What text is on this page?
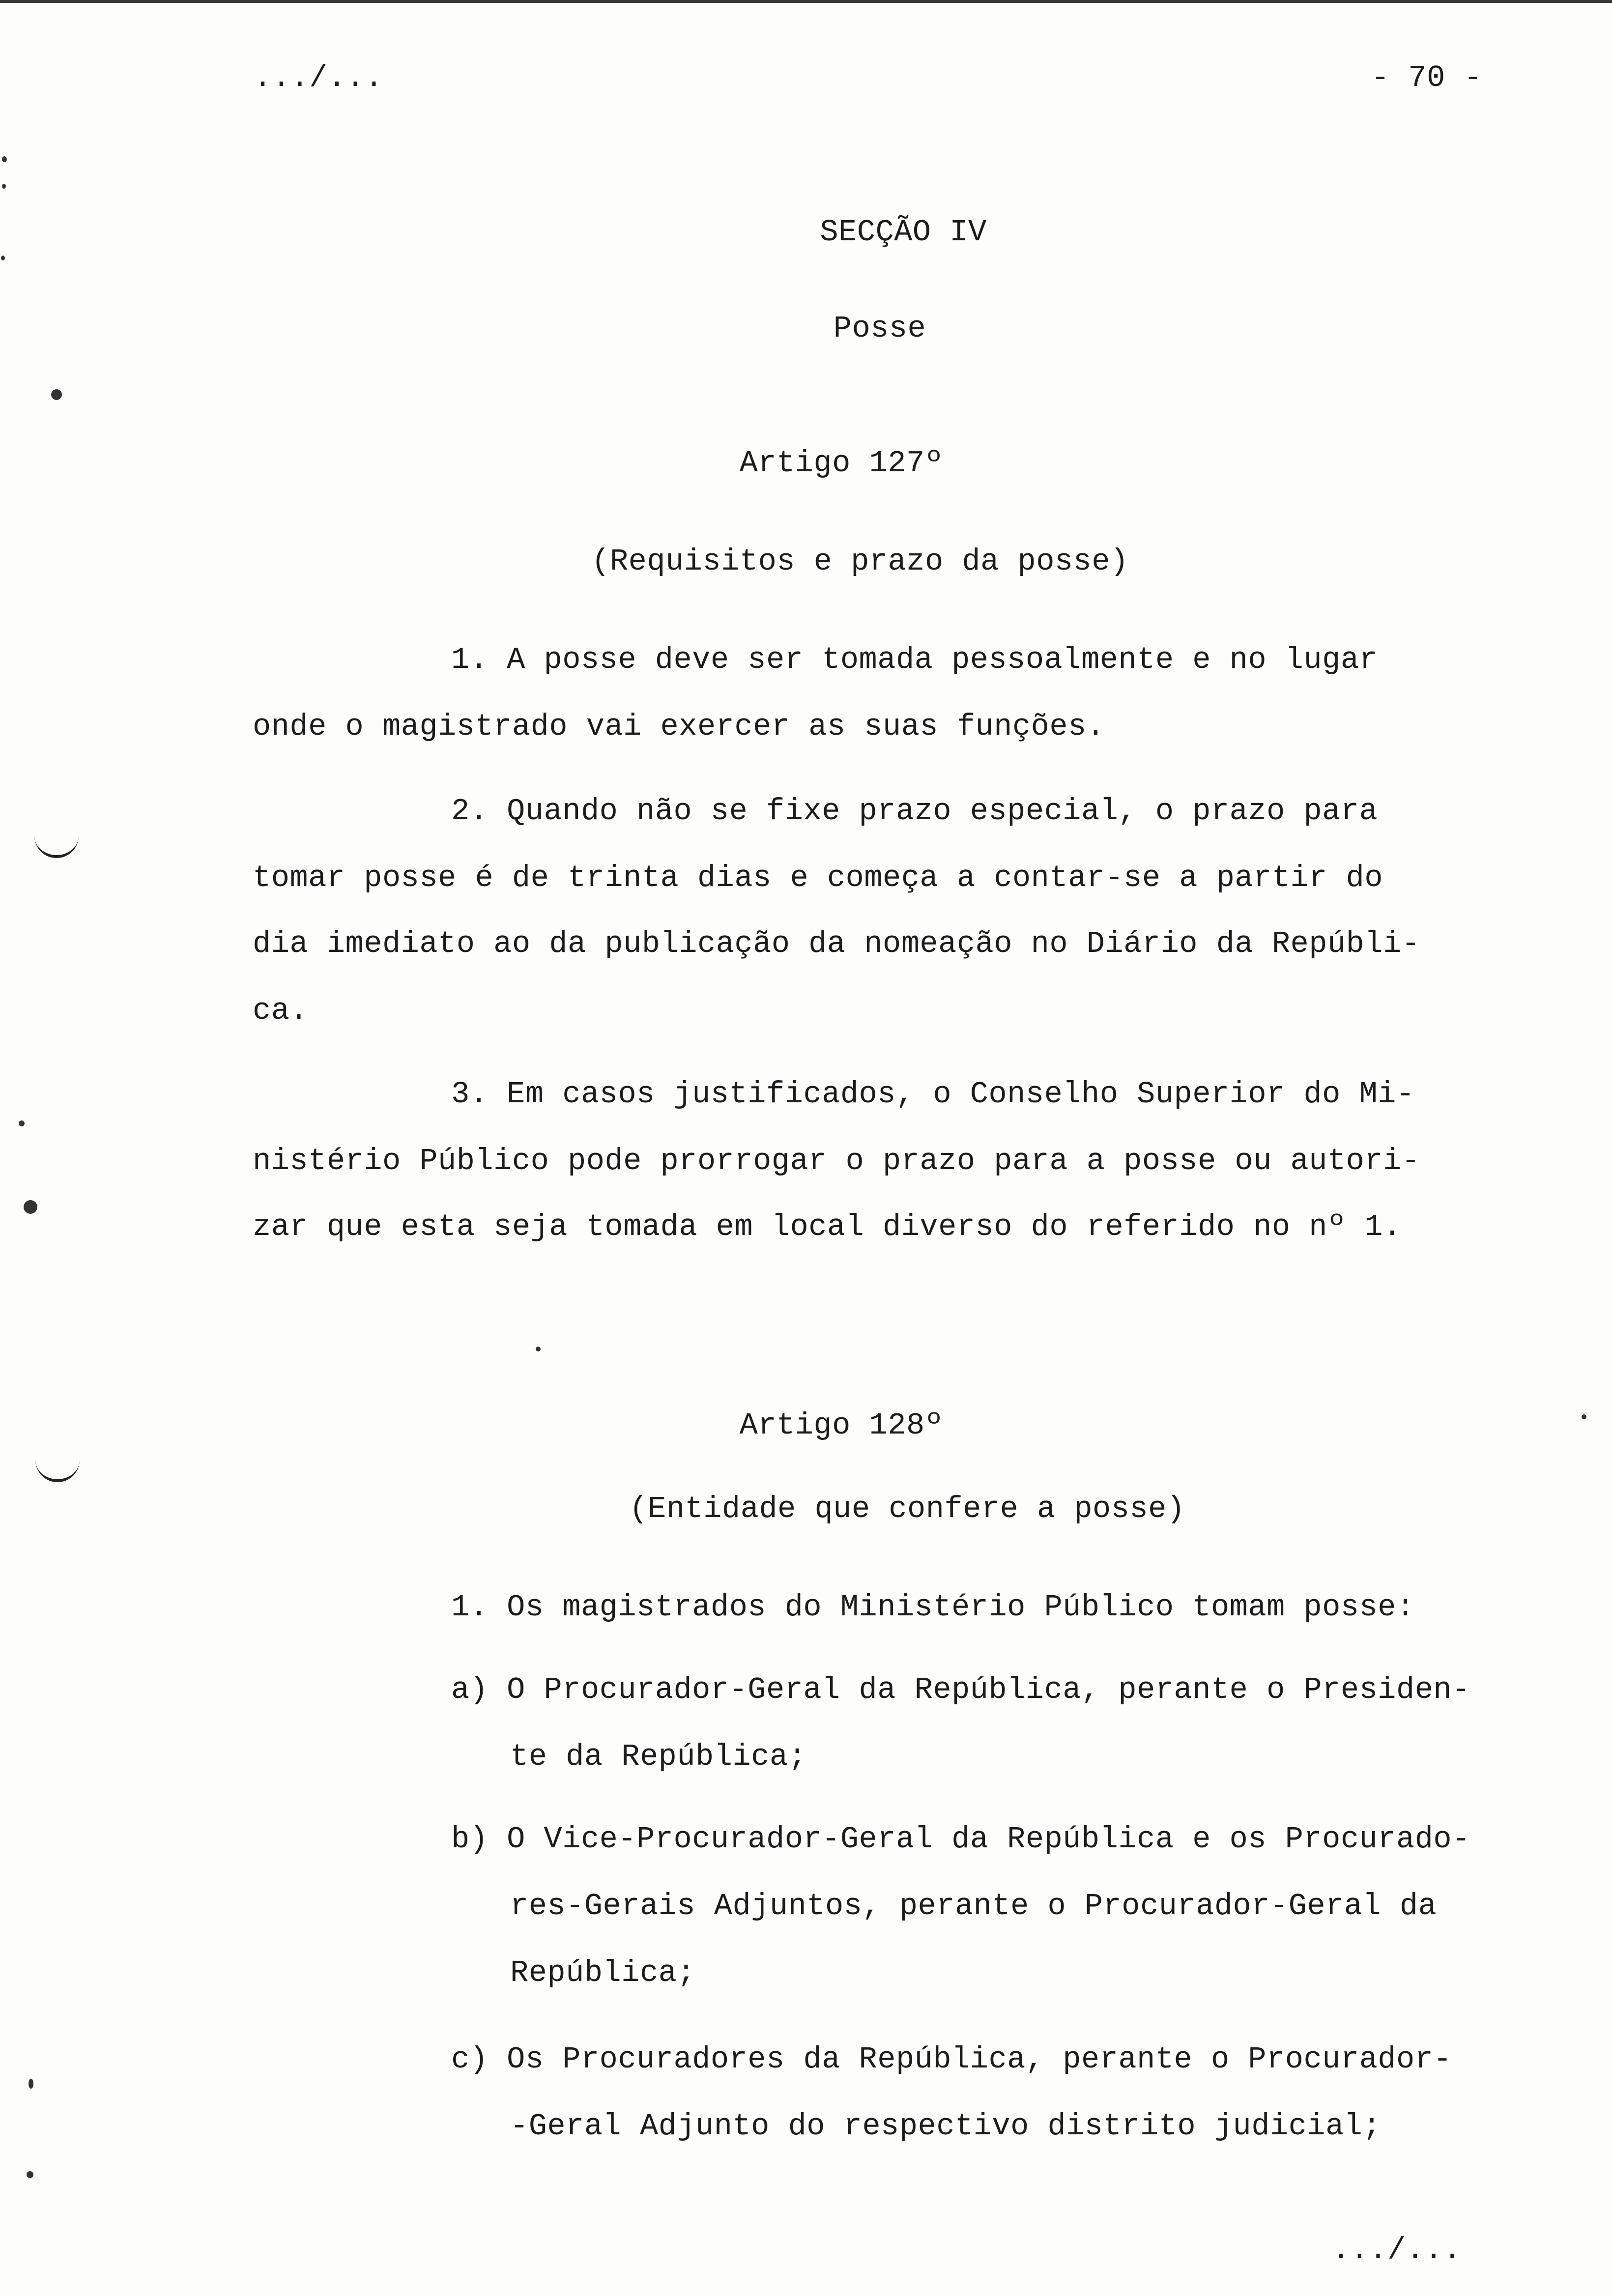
.../...	- 70 -
SECÇÃO IV
Posse
Artigo 127º
(Requisitos e prazo da posse)
1. A posse deve ser tomada pessoalmente e no lugar
onde o magistrado vai exercer as suas funções.
2. Quando não se fixe prazo especial, o prazo para
tomar posse é de trinta dias e começa a contar-se a partir do
dia imediato ao da publicação da nomeação no Diário da Repúbli-
ca.
3. Em casos justificados, o Conselho Superior do Mi-
nistério Público pode prorrogar o prazo para a posse ou autori-
zar que esta seja tomada em local diverso do referido no nº 1.
Artigo 128º
(Entidade que confere a posse)
1. Os magistrados do Ministério Público tomam posse:
a) O Procurador-Geral da República, perante o Presiden-
te da República;
b) O Vice-Procurador-Geral da República e os Procurado-
res-Gerais Adjuntos, perante o Procurador-Geral da
República;
c) Os Procuradores da República, perante o Procurador-
-Geral Adjunto do respectivo distrito judicial;
.../...
